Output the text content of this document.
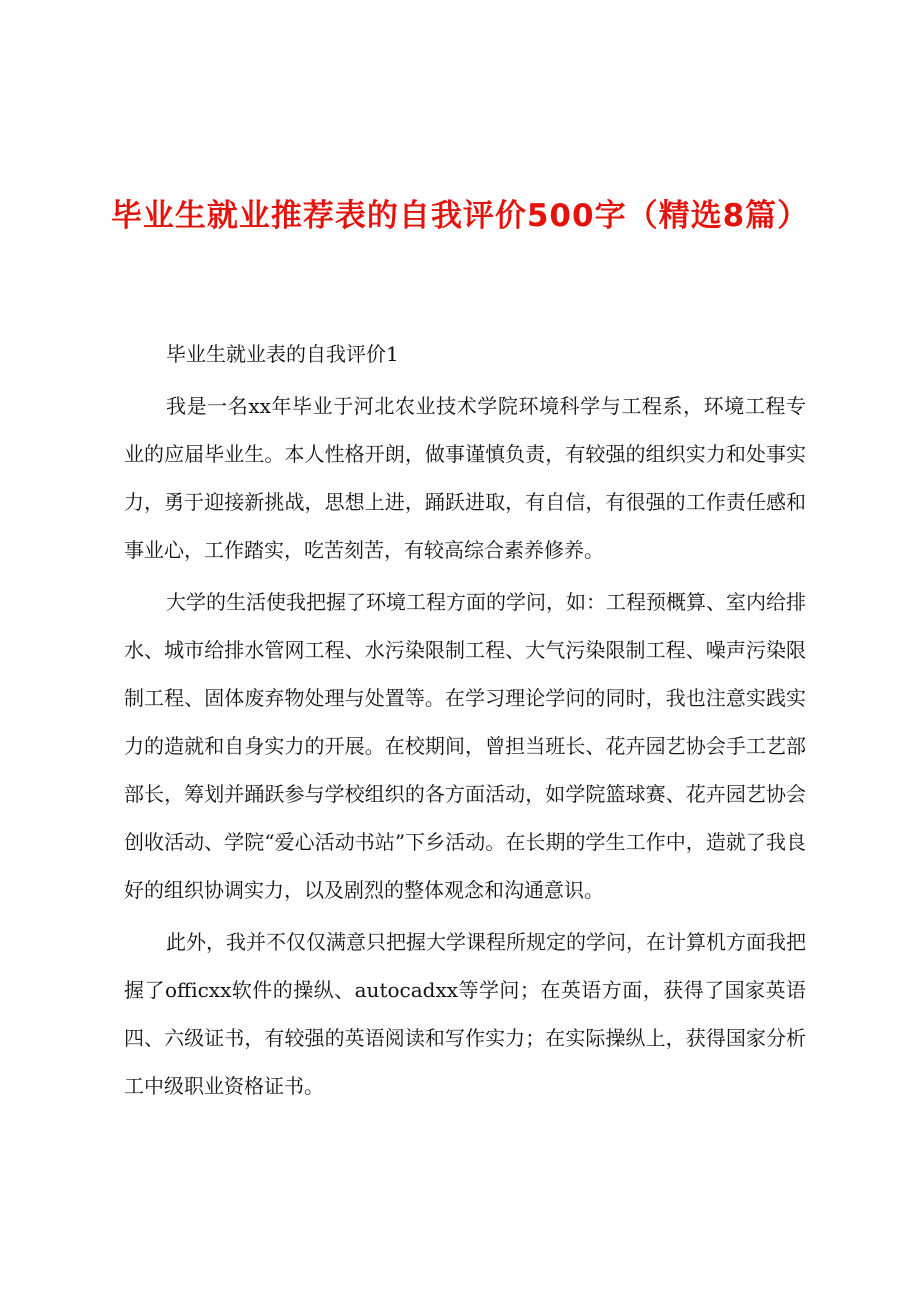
毕业生就业推荐表的自我评价500字（精选8篇）

毕业生就业表的自我评价1

我是一名xx年毕业于河北农业技术学院环境科学与工程系，环境工程专业的应届毕业生。本人性格开朗，做事谨慎负责，有较强的组织实力和处事实力，勇于迎接新挑战，思想上进，踊跃进取，有自信，有很强的工作责任感和事业心，工作踏实，吃苦刻苦，有较高综合素养修养。

大学的生活使我把握了环境工程方面的学问，如：工程预概算、室内给排水、城市给排水管网工程、水污染限制工程、大气污染限制工程、噪声污染限制工程、固体废弃物处理与处置等。在学习理论学问的同时，我也注意实践实力的造就和自身实力的开展。在校期间，曾担当班长、花卉园艺协会手工艺部部长，筹划并踊跃参与学校组织的各方面活动，如学院篮球赛、花卉园艺协会创收活动、学院“爱心活动书站”下乡活动。在长期的学生工作中，造就了我良好的组织协调实力，以及剧烈的整体观念和沟通意识。

此外，我并不仅仅满意只把握大学课程所规定的学问，在计算机方面我把握了officxx软件的操纵、autocadxx等学问；在英语方面，获得了国家英语四、六级证书，有较强的英语阅读和写作实力；在实际操纵上，获得国家分析工中级职业资格证书。
